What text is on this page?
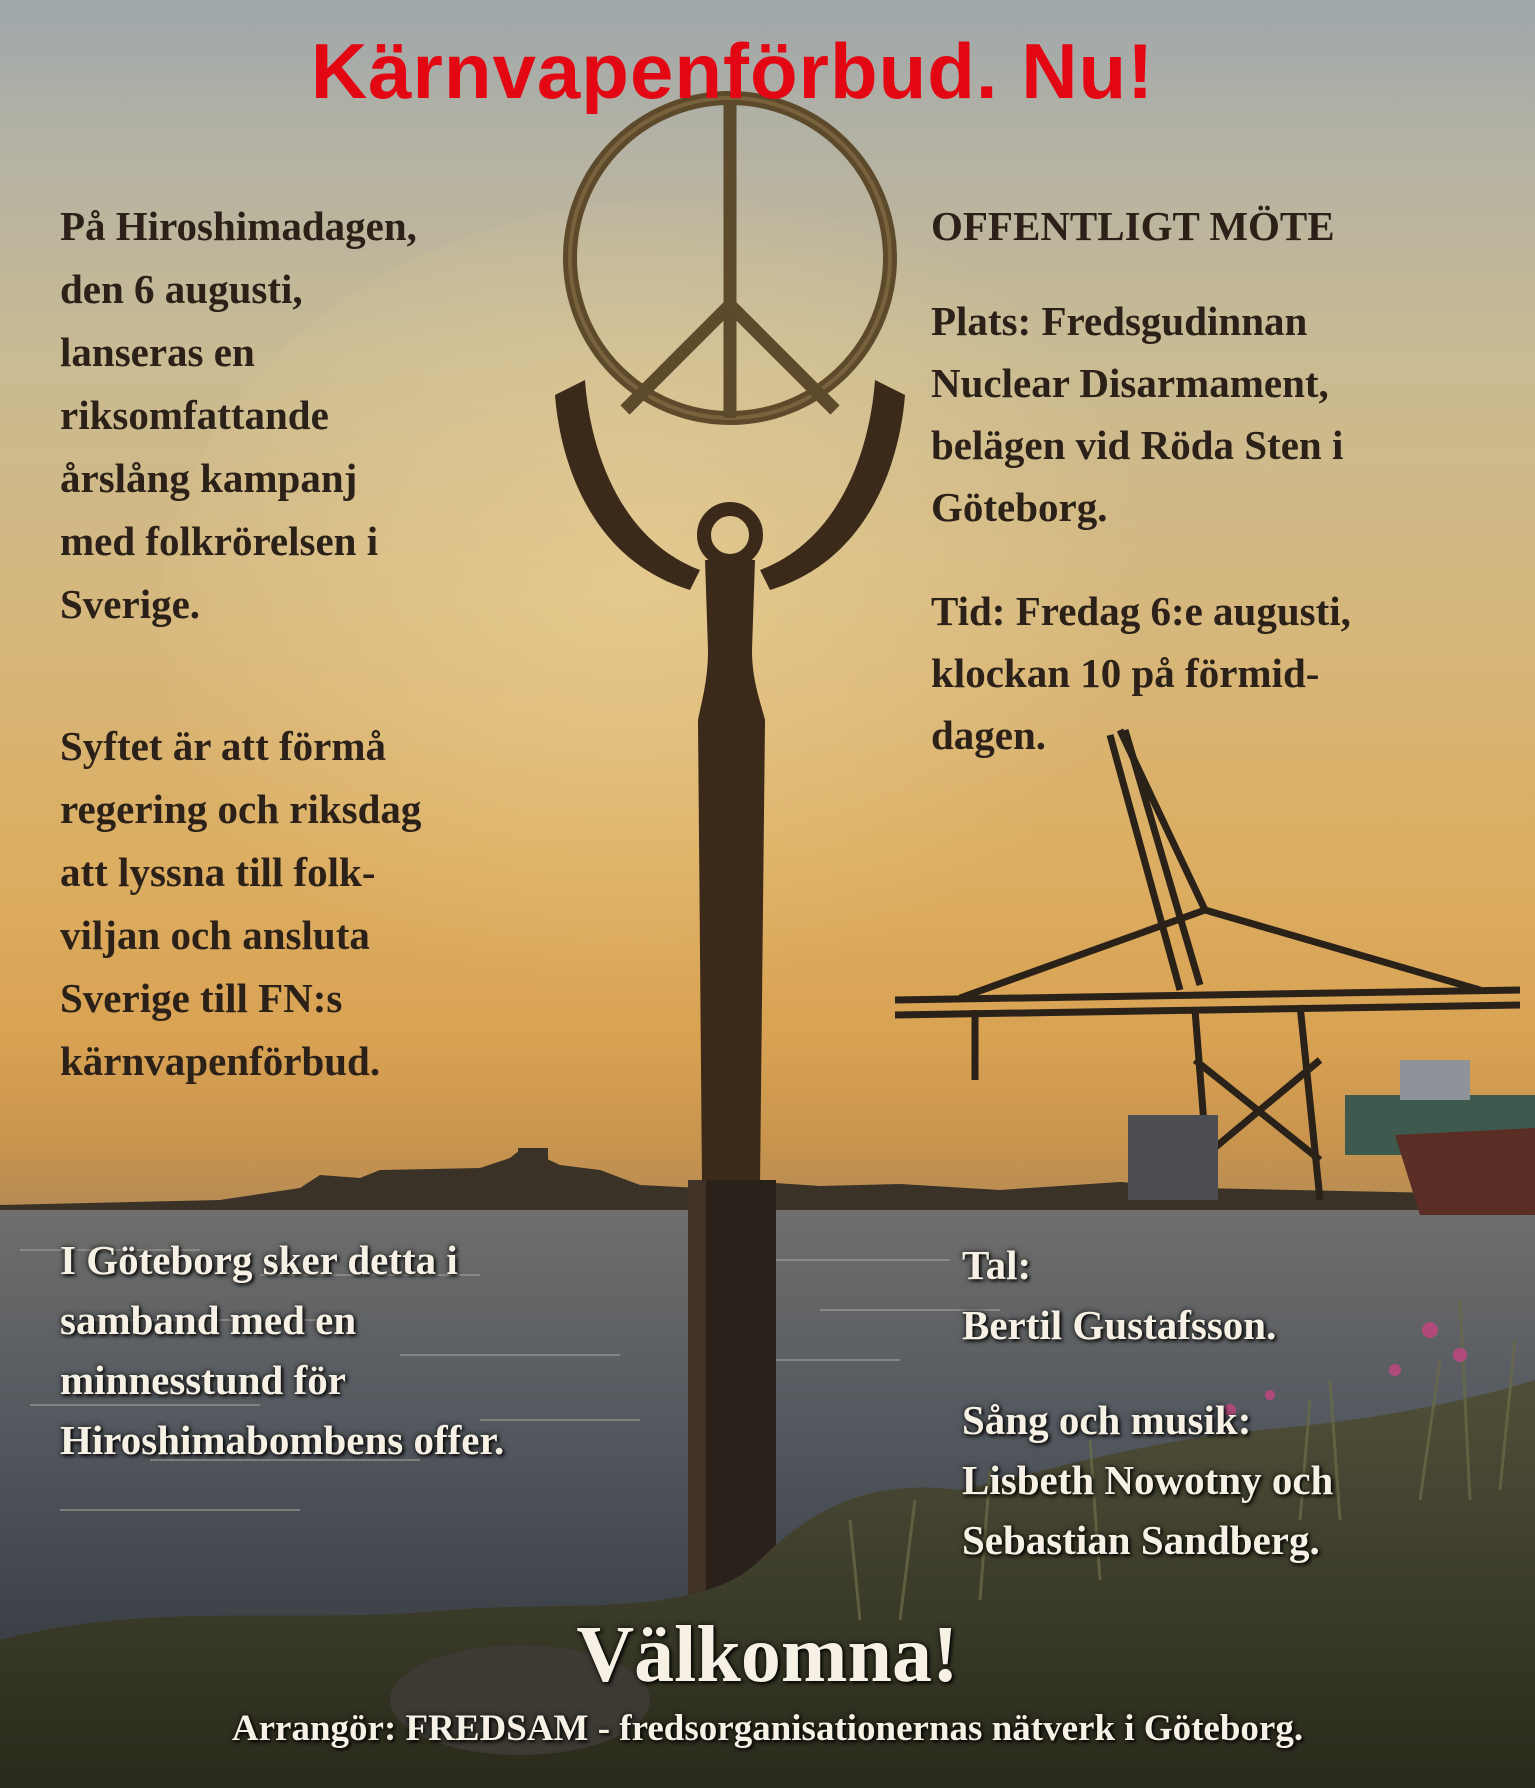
Kärnvapenförbud. Nu!
På Hiroshimadagen,
den 6 augusti,
lanseras en
riksomfattande
årslång kampanj
med folkrörelsen i
Sverige.
Syftet är att förmå
regering och riksdag
att lyssna till folk-
viljan och ansluta
Sverige till FN:s
kärnvapenförbud.
OFFENTLIGT MÖTE
Plats: Fredsgudinnan
Nuclear Disarmament,
belägen vid Röda Sten i
Göteborg.
Tid: Fredag 6:e augusti,
klockan 10 på förmid-
dagen.
I Göteborg sker detta i
samband med en
minnesstund för
Hiroshimabombens offer.
Tal:
Bertil Gustafsson.
Sång och musik:
Lisbeth Nowotny och
Sebastian Sandberg.
Välkomna!
Arrangör: FREDSAM - fredsorganisationernas nätverk i Göteborg.
